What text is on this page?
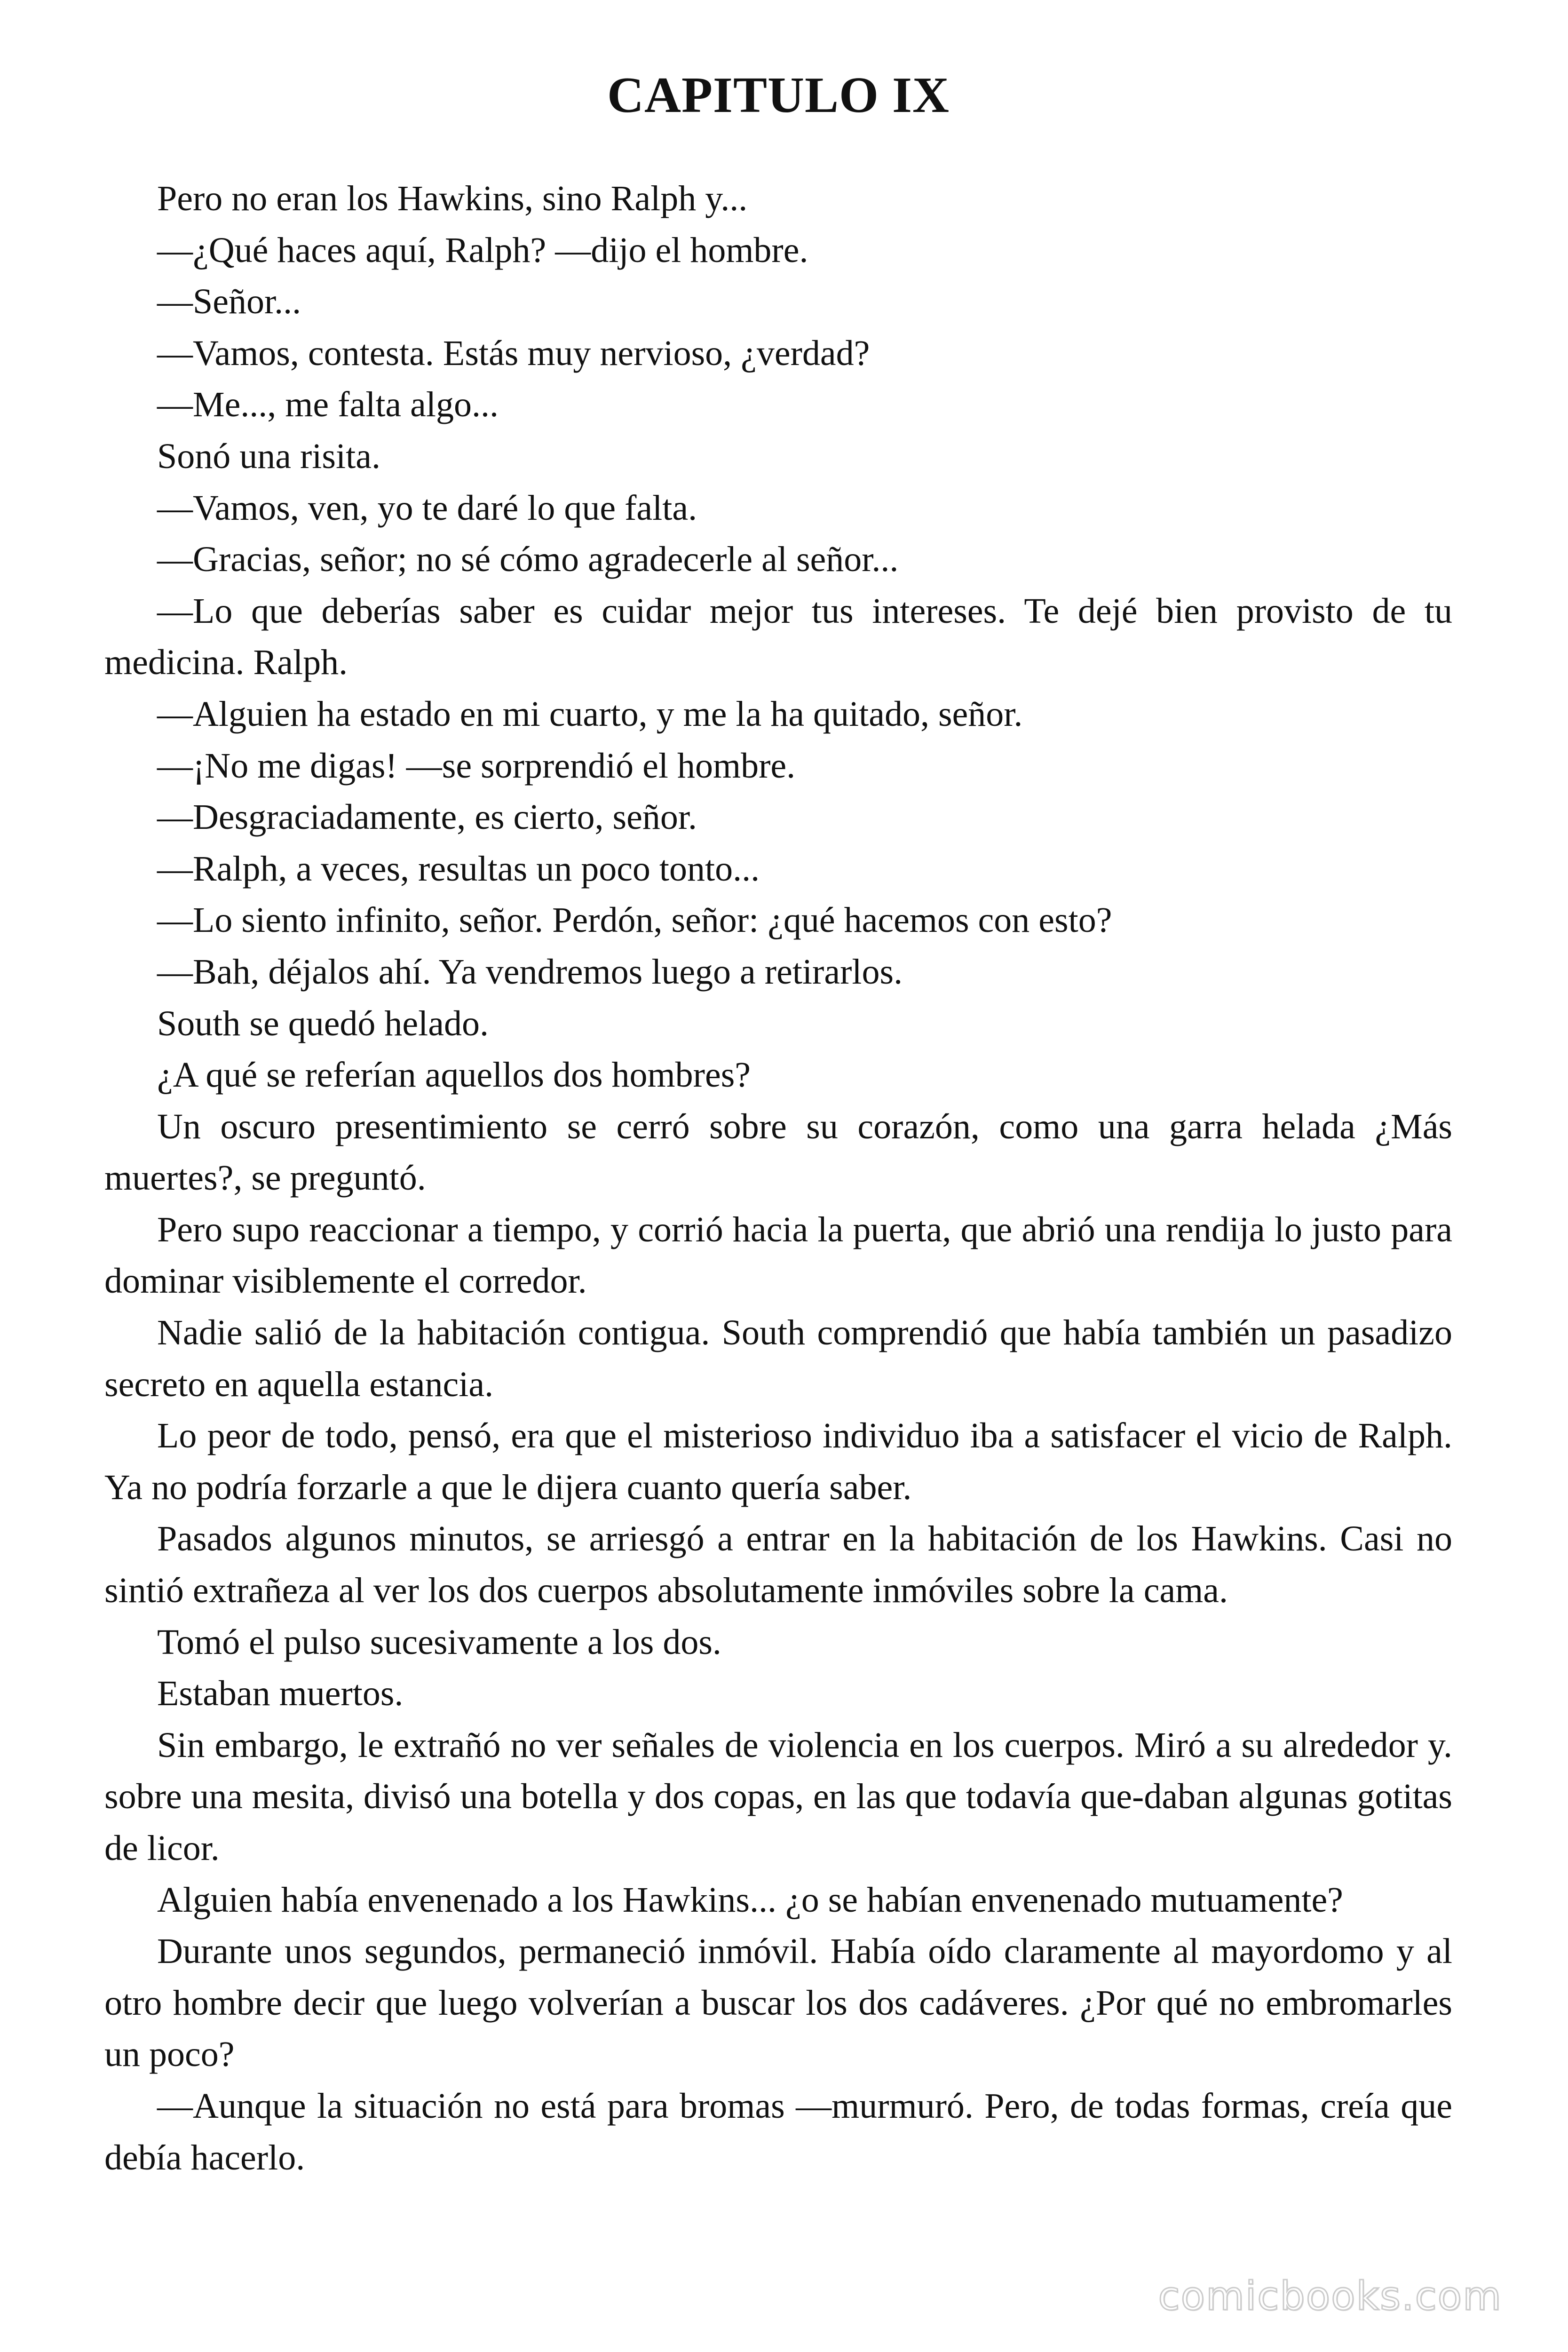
CAPITULO IX

Pero no eran los Hawkins, sino Ralph y...

—¿Qué haces aquí, Ralph? —dijo el hombre.

—Señor...

—Vamos, contesta. Estás muy nervioso, ¿verdad?

—Me..., me falta algo...

Sonó una risita.

—Vamos, ven, yo te daré lo que falta.

—Gracias, señor; no sé cómo agradecerle al señor...

—Lo que deberías saber es cuidar mejor tus intereses. Te dejé bien provisto de tu medicina. Ralph.

—Alguien ha estado en mi cuarto, y me la ha quitado, señor.

—¡No me digas! —se sorprendió el hombre.

—Desgraciadamente, es cierto, señor.

—Ralph, a veces, resultas un poco tonto...

—Lo siento infinito, señor. Perdón, señor: ¿qué hacemos con esto?

—Bah, déjalos ahí. Ya vendremos luego a retirarlos.

South se quedó helado.

¿A qué se referían aquellos dos hombres?

Un oscuro presentimiento se cerró sobre su corazón, como una garra helada ¿Más muertes?, se preguntó.

Pero supo reaccionar a tiempo, y corrió hacia la puerta, que abrió una rendija lo justo para dominar visiblemente el corredor.

Nadie salió de la habitación contigua. South comprendió que había también un pasadizo secreto en aquella estancia.

Lo peor de todo, pensó, era que el misterioso individuo iba a satisfacer el vicio de Ralph. Ya no podría forzarle a que le dijera cuanto quería saber.

Pasados algunos minutos, se arriesgó a entrar en la habitación de los Hawkins. Casi no sintió extrañeza al ver los dos cuerpos absolutamente inmóviles sobre la cama.

Tomó el pulso sucesivamente a los dos.

Estaban muertos.

Sin embargo, le extrañó no ver señales de violencia en los cuerpos. Miró a su alrededor y. sobre una mesita, divisó una botella y dos copas, en las que todavía que-daban algunas gotitas de licor.

Alguien había envenenado a los Hawkins... ¿o se habían envenenado mutuamente?

Durante unos segundos, permaneció inmóvil. Había oído claramente al mayordomo y al otro hombre decir que luego volverían a buscar los dos cadáveres. ¿Por qué no embromarles un poco?

—Aunque la situación no está para bromas —murmuró. Pero, de todas formas, creía que debía hacerlo.

comicbooks.com
